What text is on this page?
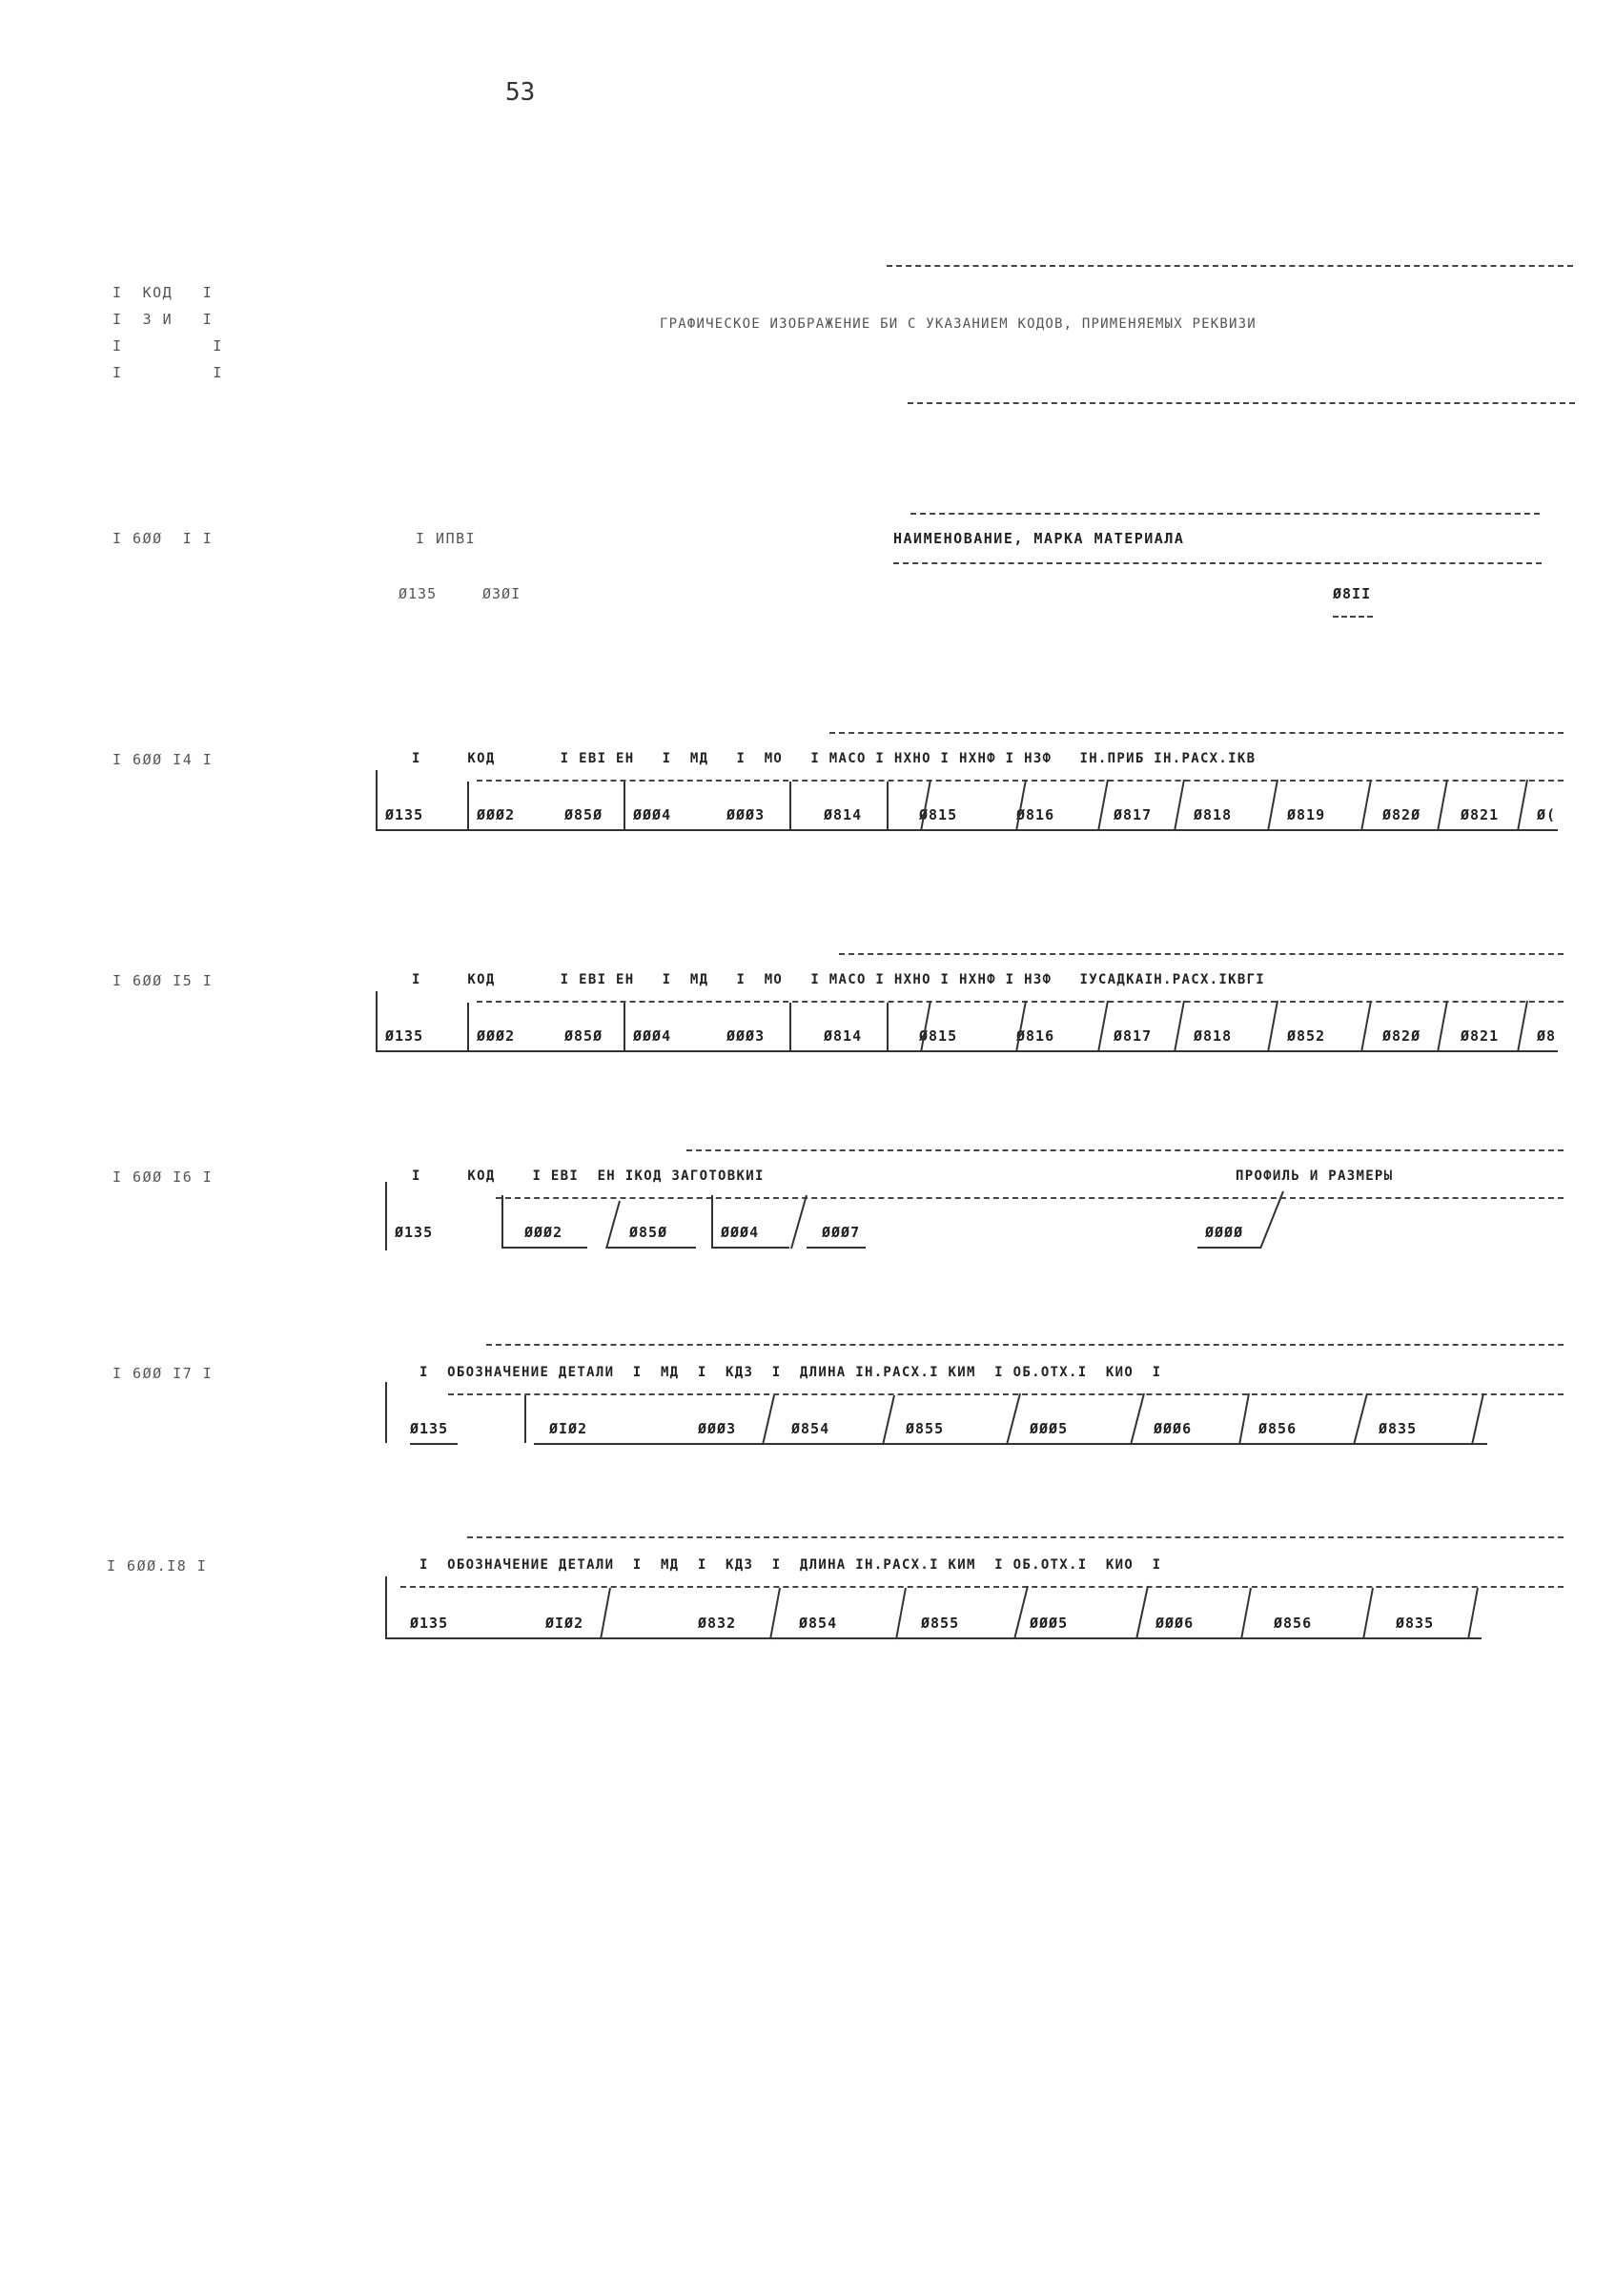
53
I  KOД   I
I  З И   I
I         I
I         I
ГРАФИЧЕСКОЕ ИЗОБРАЖЕНИЕ БИ С УКАЗАНИЕМ КОДОВ, ПРИМЕНЯЕМЫХ РЕКВИЗИ
I 6ØØ  I I	I ИПВI	НАИМЕНОВАНИЕ, МАРКА МАТЕРИАЛА
Ø135	Ø3ØI	Ø8II
I 6ØØ I4 I	I     КОД       I ЕВI ЕН   I  МД   I  МО   I МАСО I НХНО I НХНФ I НЗФ   IН.ПРИБ IН.РАСХ.IКВ
Ø135	ØØØ2	Ø85Ø ØØØ4	ØØØ3	Ø814	Ø815	Ø816	Ø817	Ø818	Ø819	Ø82Ø	Ø821	Ø(
I 6ØØ I5 I	I     КОД       I ЕВI ЕН   I  МД   I  МО   I МАСО I НХНО I НХНФ I НЗФ   IУСАДКАIН.РАСХ.IКВГI
Ø135	ØØØ2	Ø85Ø ØØØ4	ØØØ3	Ø814	Ø815	Ø816	Ø817	Ø818	Ø852	Ø82Ø	Ø821	Ø8
I 6ØØ I6 I	I     КОД    I ЕВI  ЕН IКОД ЗАГОТОВКИI	ПРОФИЛЬ И РАЗМЕРЫ
Ø135	ØØØ2	Ø85Ø	ØØØ4	ØØØ7	ØØØØ
I 6ØØ I7 I	I  ОБОЗНАЧЕНИЕ ДЕТАЛИ  I  МД  I  КДЗ  I  ДЛИНА IН.РАСХ.I КИМ  I ОБ.ОТХ.I  КИО  I
Ø135	ØIØ2	ØØØ3	Ø854	Ø855	ØØØ5	ØØØ6	Ø856	Ø835
I 6ØØ.I8 I	I  ОБОЗНАЧЕНИЕ ДЕТАЛИ  I  МД  I  КДЗ  I  ДЛИНА IН.РАСХ.I КИМ  I ОБ.ОТХ.I  КИО  I
Ø135	ØIØ2	Ø832	Ø854	Ø855	ØØØ5	ØØØ6	Ø856	Ø835
